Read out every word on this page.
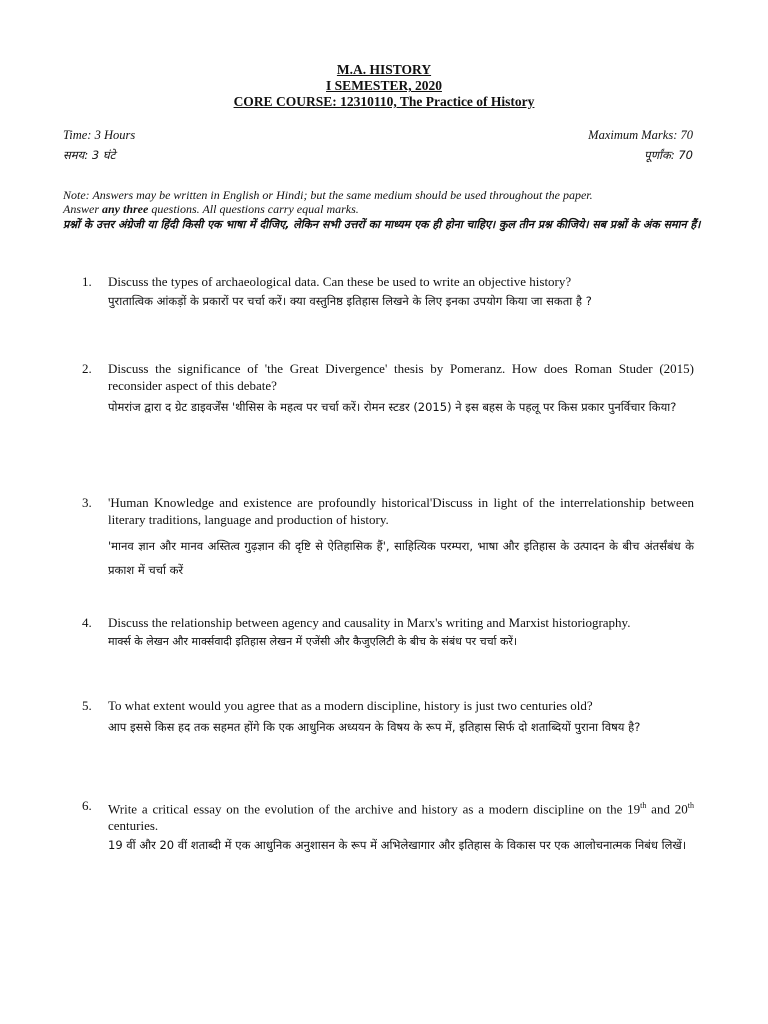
M.A. HISTORY
I SEMESTER, 2020
CORE COURSE: 12310110, The Practice of History
Time: 3 Hours	Maximum Marks: 70
समय: 3 घंटे	पूर्णांक: 70
Note: Answers may be written in English or Hindi; but the same medium should be used throughout the paper.
Answer any three questions. All questions carry equal marks.
प्रश्नों के उत्तर अंग्रेजी या हिंदी किसी एक भाषा में दीजिए, लेकिन सभी उत्तरों का माध्यम एक ही होना चाहिए। कुल तीन प्रश्न कीजिये। सब प्रश्नों के अंक समान हैं।
1. Discuss the types of archaeological data. Can these be used to write an objective history?
पुरातात्विक आंकड़ों के प्रकारों पर चर्चा करें। क्या वस्तुनिष्ठ इतिहास लिखने के लिए इनका उपयोग किया जा सकता है ?
2. Discuss the significance of 'the Great Divergence' thesis by Pomeranz. How does Roman Studer (2015) reconsider aspect of this debate?
पोमरांज द्वारा द ग्रेट डाइवर्जेंस 'थीसिस के महत्व पर चर्चा करें। रोमन स्टडर (2015) ने इस बहस के पहलू पर किस प्रकार पुनर्विचार किया?
3. 'Human Knowledge and existence are profoundly historical'Discuss in light of the interrelationship between literary traditions, language and production of history.
'मानव ज्ञान और मानव अस्तित्व गुढ़ज्ञान की दृष्टि से ऐतिहासिक हैं', साहित्यिक परम्परा, भाषा और इतिहास के उत्पादन के बीच अंतर्संबंध के प्रकाश में चर्चा करें
4. Discuss the relationship between agency and causality in Marx's writing and Marxist historiography.
मार्क्स के लेखन और मार्क्सवादी इतिहास लेखन में एजेंसी और कैजुएलिटी के बीच के संबंध पर चर्चा करें।
5. To what extent would you agree that as a modern discipline, history is just two centuries old?
आप इससे किस हद तक सहमत होंगे कि एक आधुनिक अध्ययन के विषय के रूप में, इतिहास सिर्फ दो शताब्दियों पुराना विषय है?
6. Write a critical essay on the evolution of the archive and history as a modern discipline on the 19th and 20th centuries.
19 वीं और 20 वीं शताब्दी में एक आधुनिक अनुशासन के रूप में अभिलेखागार और इतिहास के विकास पर एक आलोचनात्मक निबंध लिखें।
